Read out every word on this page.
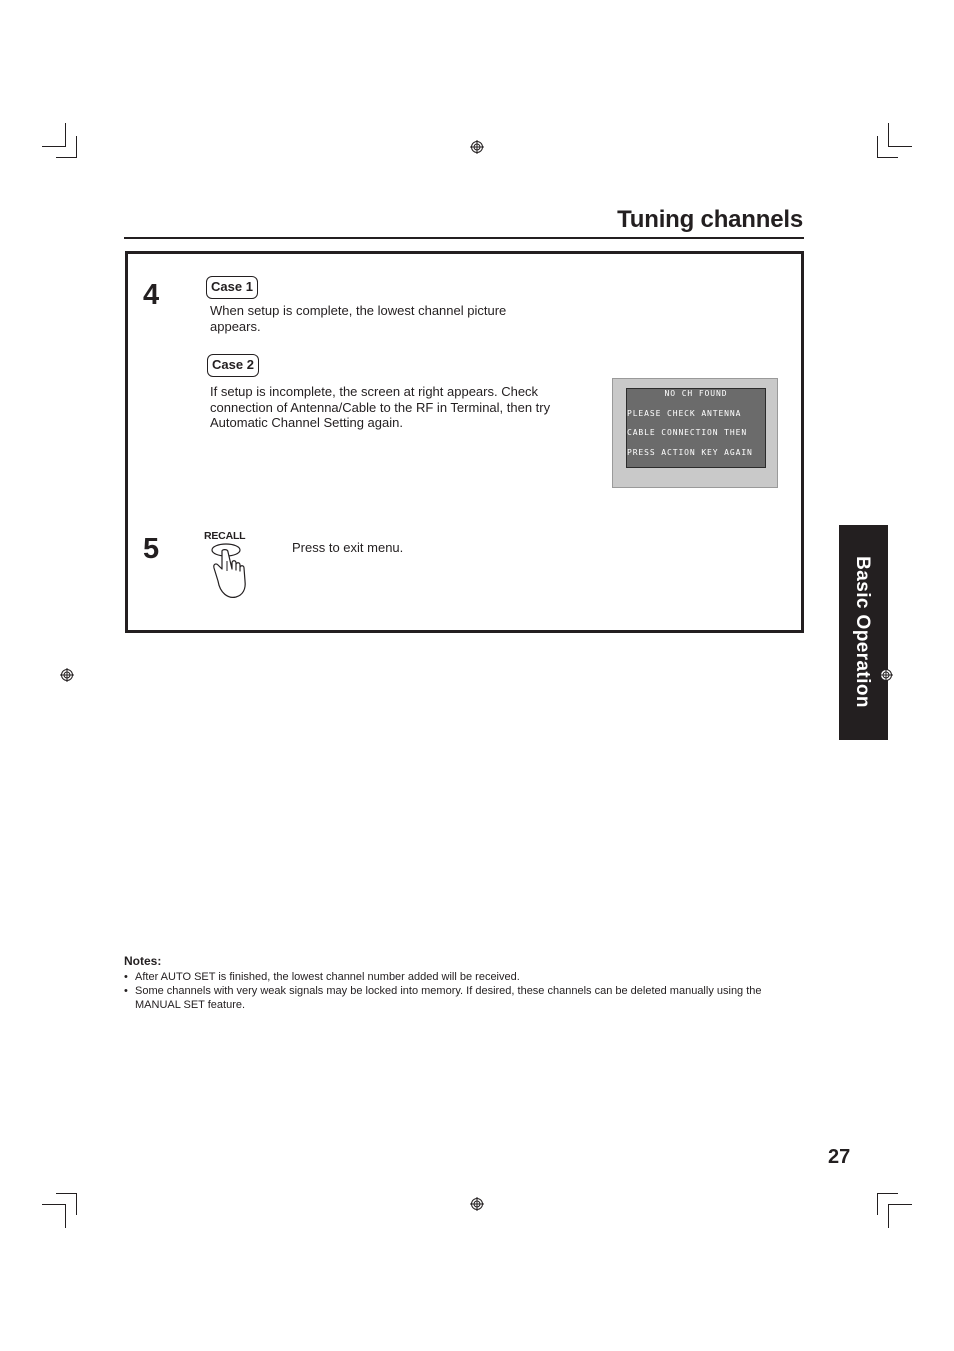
Tuning channels
4	Case 1
When setup is complete, the lowest channel picture
appears.
Case 2
If setup is incomplete, the screen at right appears. Check
connection of Antenna/Cable to the RF in Terminal, then try
Automatic Channel Setting again.
NO CH FOUND
PLEASE CHECK ANTENNA
CABLE CONNECTION THEN
PRESS ACTION KEY AGAIN
5	RECALL
Press to exit menu.
Basic Operation
Notes:
• After AUTO SET is finished, the lowest channel number added will be received.
• Some channels with very weak signals may be locked into memory. If desired, these channels can be deleted manually using the MANUAL SET feature.
27
